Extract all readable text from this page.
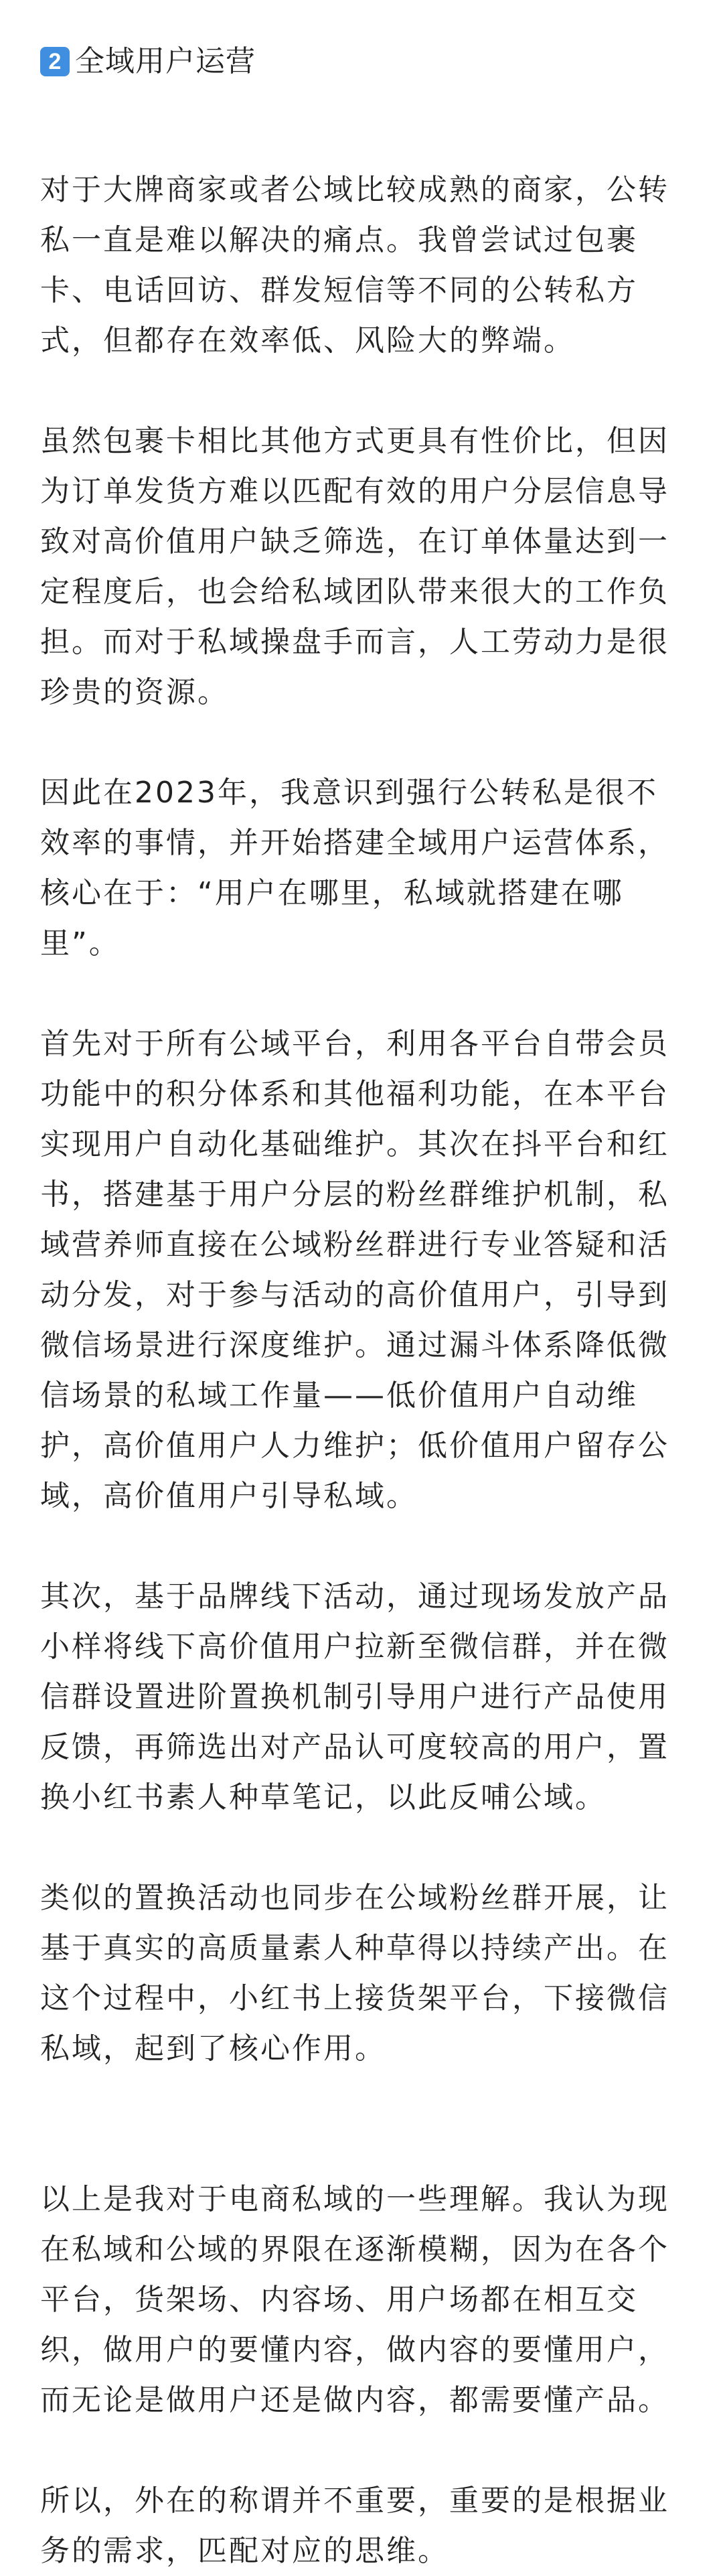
2 全域用户运营

对于大牌商家或者公域比较成熟的商家，公转私一直是难以解决的痛点。我曾尝试过包裹卡、电话回访、群发短信等不同的公转私方式，但都存在效率低、风险大的弊端。

虽然包裹卡相比其他方式更具有性价比，但因为订单发货方难以匹配有效的用户分层信息导致对高价值用户缺乏筛选，在订单体量达到一定程度后，也会给私域团队带来很大的工作负担。而对于私域操盘手而言，人工劳动力是很珍贵的资源。

因此在2023年，我意识到强行公转私是很不效率的事情，并开始搭建全域用户运营体系，核心在于：“用户在哪里，私域就搭建在哪里”。

首先对于所有公域平台，利用各平台自带会员功能中的积分体系和其他福利功能，在本平台实现用户自动化基础维护。其次在抖平台和红书，搭建基于用户分层的粉丝群维护机制，私域营养师直接在公域粉丝群进行专业答疑和活动分发，对于参与活动的高价值用户，引导到微信场景进行深度维护。通过漏斗体系降低微信场景的私域工作量——低价值用户自动维护，高价值用户人力维护；低价值用户留存公域，高价值用户引导私域。

其次，基于品牌线下活动，通过现场发放产品小样将线下高价值用户拉新至微信群，并在微信群设置进阶置换机制引导用户进行产品使用反馈，再筛选出对产品认可度较高的用户，置换小红书素人种草笔记，以此反哺公域。

类似的置换活动也同步在公域粉丝群开展，让基于真实的高质量素人种草得以持续产出。在这个过程中，小红书上接货架平台，下接微信私域，起到了核心作用。

以上是我对于电商私域的一些理解。我认为现在私域和公域的界限在逐渐模糊，因为在各个平台，货架场、内容场、用户场都在相互交织，做用户的要懂内容，做内容的要懂用户，而无论是做用户还是做内容，都需要懂产品。

所以，外在的称谓并不重要，重要的是根据业务的需求，匹配对应的思维。
